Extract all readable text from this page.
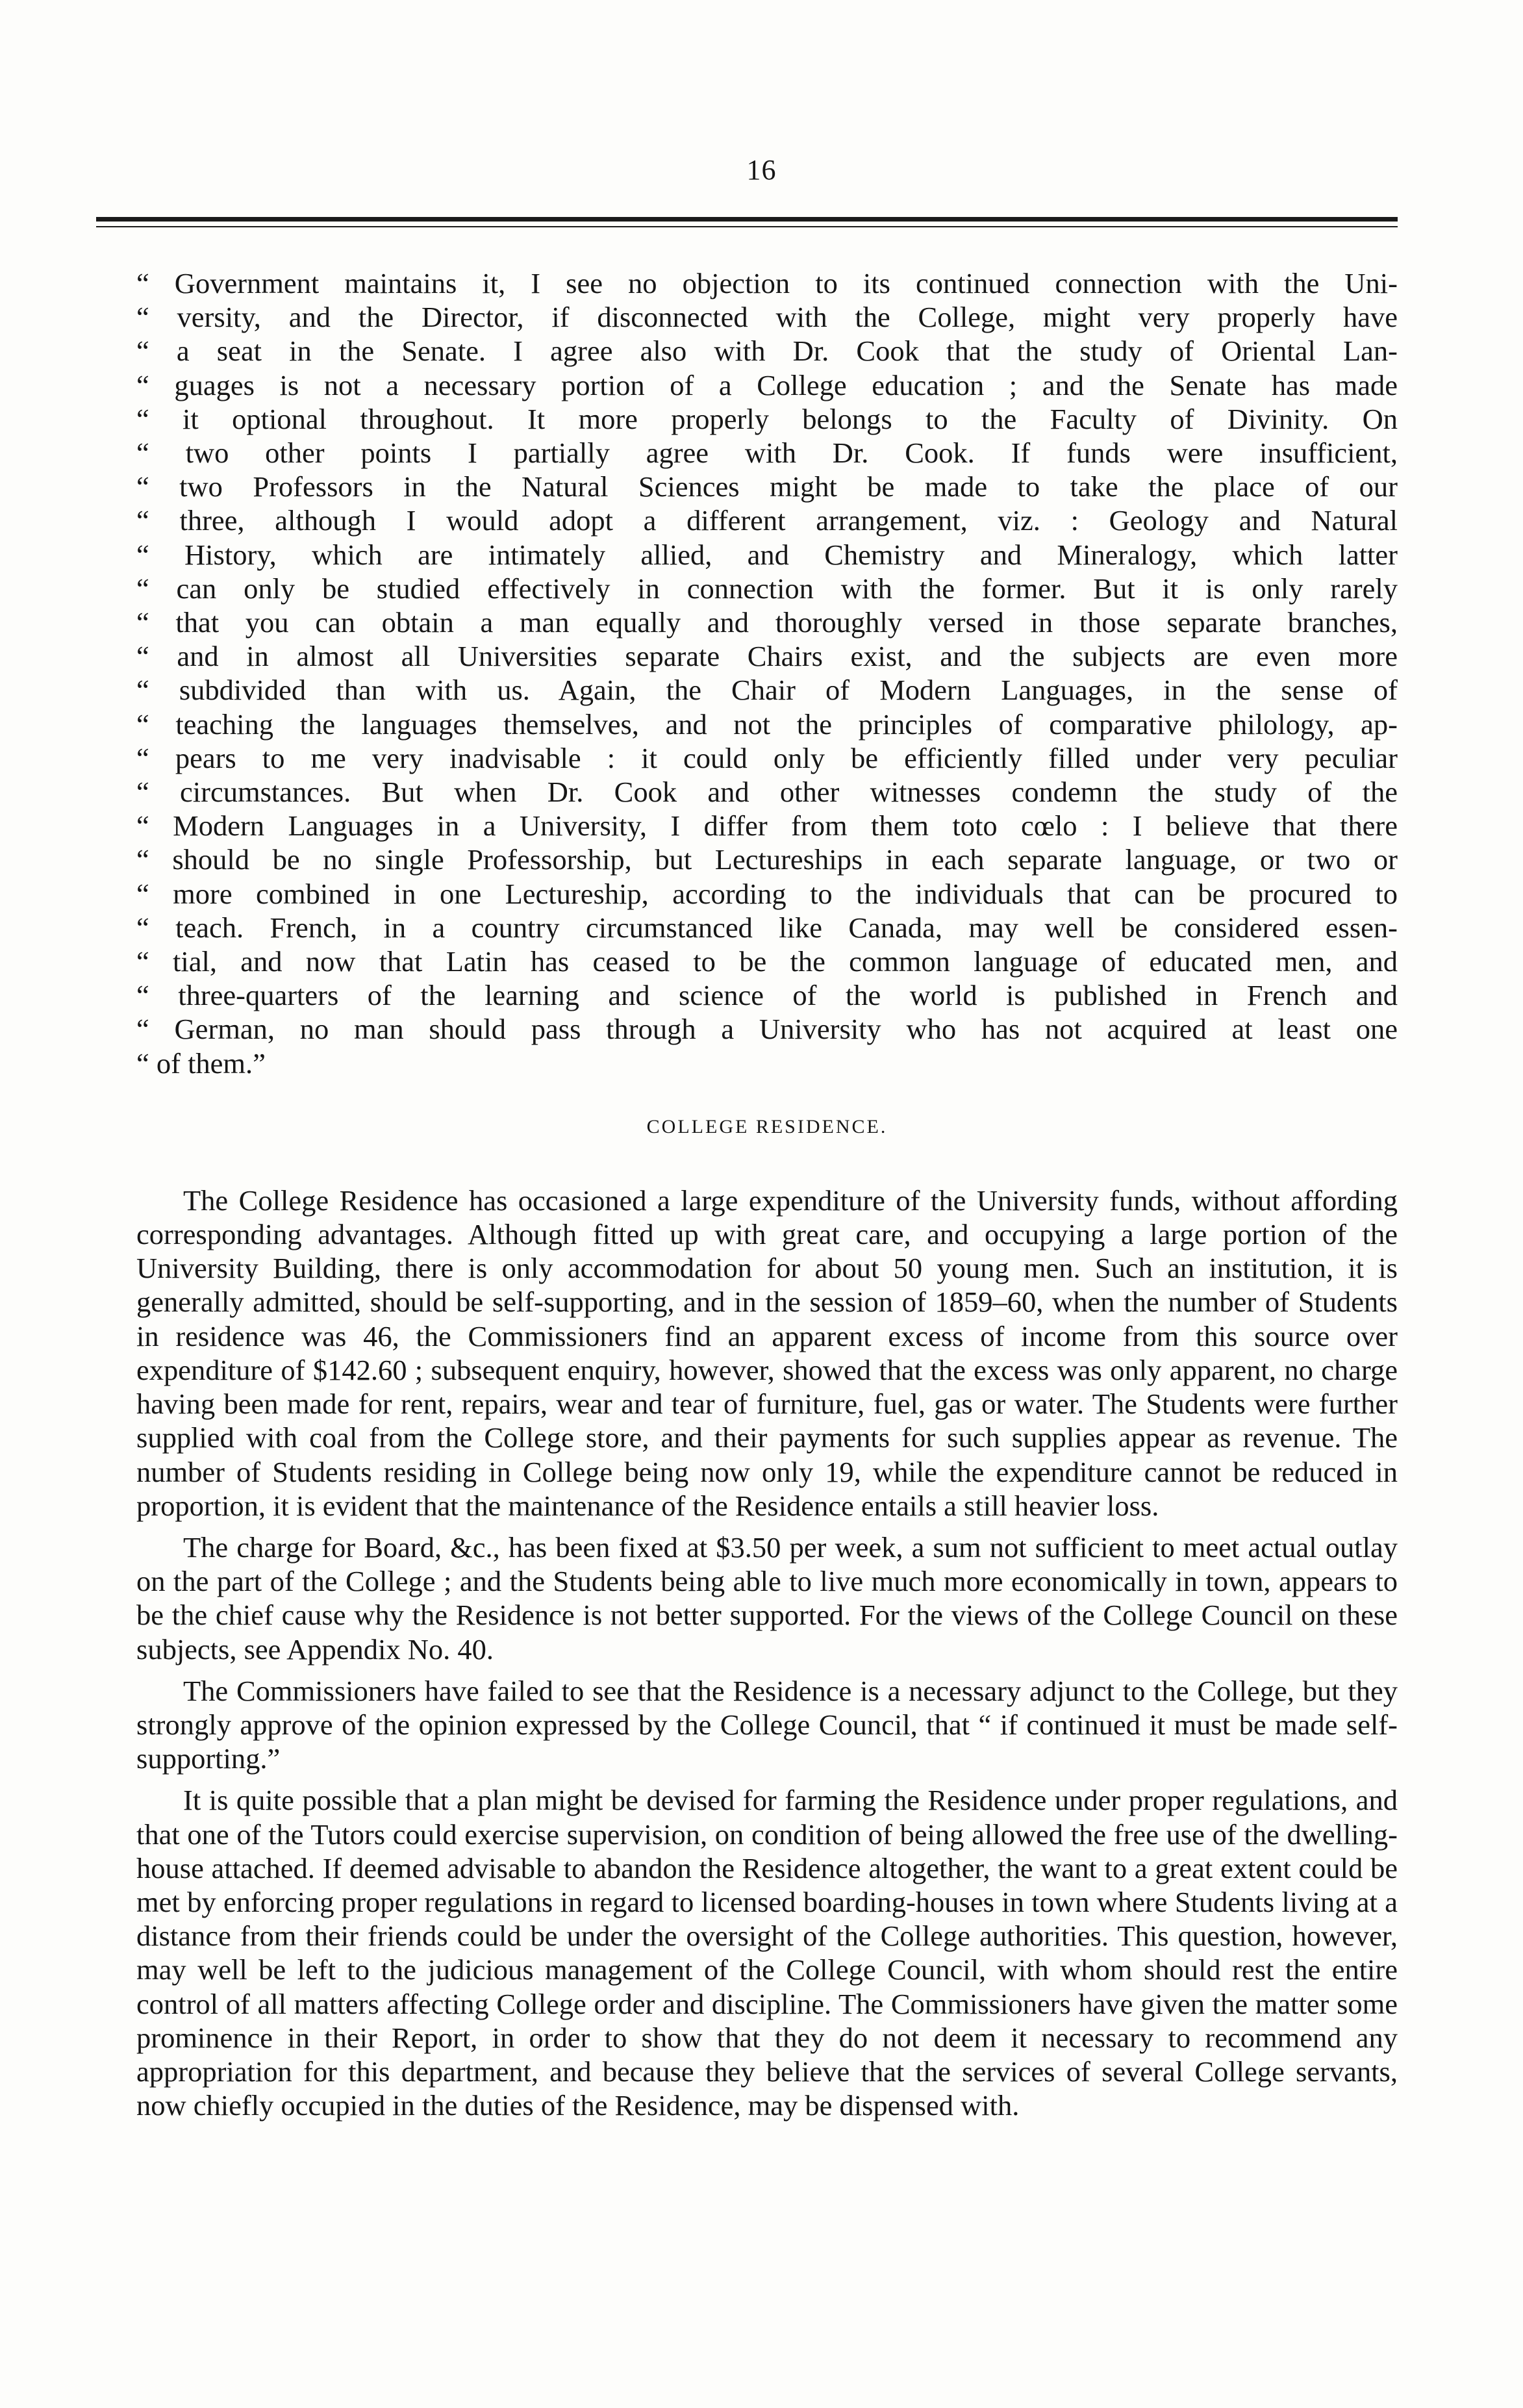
16
“ Government maintains it, I see no objection to its continued connection with the Uni-
“ versity, and the Director, if disconnected with the College, might very properly have
“ a seat in the Senate. I agree also with Dr. Cook that the study of Oriental Lan-
“ guages is not a necessary portion of a College education ; and the Senate has made
“ it optional throughout. It more properly belongs to the Faculty of Divinity. On
“ two other points I partially agree with Dr. Cook. If funds were insufficient,
“ two Professors in the Natural Sciences might be made to take the place of our
“ three, although I would adopt a different arrangement, viz. : Geology and Natural
“ History, which are intimately allied, and Chemistry and Mineralogy, which latter
“ can only be studied effectively in connection with the former. But it is only rarely
“ that you can obtain a man equally and thoroughly versed in those separate branches,
“ and in almost all Universities separate Chairs exist, and the subjects are even more
“ subdivided than with us. Again, the Chair of Modern Languages, in the sense of
“ teaching the languages themselves, and not the principles of comparative philology, ap-
“ pears to me very inadvisable : it could only be efficiently filled under very peculiar
“ circumstances. But when Dr. Cook and other witnesses condemn the study of the
“ Modern Languages in a University, I differ from them toto cœlo : I believe that there
“ should be no single Professorship, but Lectureships in each separate language, or two or
“ more combined in one Lectureship, according to the individuals that can be procured to
“ teach. French, in a country circumstanced like Canada, may well be considered essen-
“ tial, and now that Latin has ceased to be the common language of educated men, and
“ three-quarters of the learning and science of the world is published in French and
“ German, no man should pass through a University who has not acquired at least one
“ of them.”
COLLEGE RESIDENCE.

The College Residence has occasioned a large expenditure of the University funds, without affording corresponding advantages. Although fitted up with great care, and occupying a large portion of the University Building, there is only accommodation for about 50 young men. Such an institution, it is generally admitted, should be self-supporting, and in the session of 1859–60, when the number of Students in residence was 46, the Commissioners find an apparent excess of income from this source over expenditure of $142.60 ; subsequent enquiry, however, showed that the excess was only apparent, no charge having been made for rent, repairs, wear and tear of furniture, fuel, gas or water. The Students were further supplied with coal from the College store, and their payments for such supplies appear as revenue. The number of Students residing in College being now only 19, while the expenditure cannot be reduced in proportion, it is evident that the maintenance of the Residence entails a still heavier loss.

The charge for Board, &c., has been fixed at $3.50 per week, a sum not sufficient to meet actual outlay on the part of the College ; and the Students being able to live much more economically in town, appears to be the chief cause why the Residence is not better supported. For the views of the College Council on these subjects, see Appendix No. 40.

The Commissioners have failed to see that the Residence is a necessary adjunct to the College, but they strongly approve of the opinion expressed by the College Council, that “ if continued it must be made self-supporting.”

It is quite possible that a plan might be devised for farming the Residence under proper regulations, and that one of the Tutors could exercise supervision, on condition of being allowed the free use of the dwelling-house attached. If deemed advisable to abandon the Residence altogether, the want to a great extent could be met by enforcing proper regulations in regard to licensed boarding-houses in town where Students living at a distance from their friends could be under the oversight of the College authorities. This question, however, may well be left to the judicious management of the College Council, with whom should rest the entire control of all matters affecting College order and discipline. The Commissioners have given the matter some prominence in their Report, in order to show that they do not deem it necessary to recommend any appropriation for this department, and because they believe that the services of several College servants, now chiefly occupied in the duties of the Residence, may be dispensed with.
